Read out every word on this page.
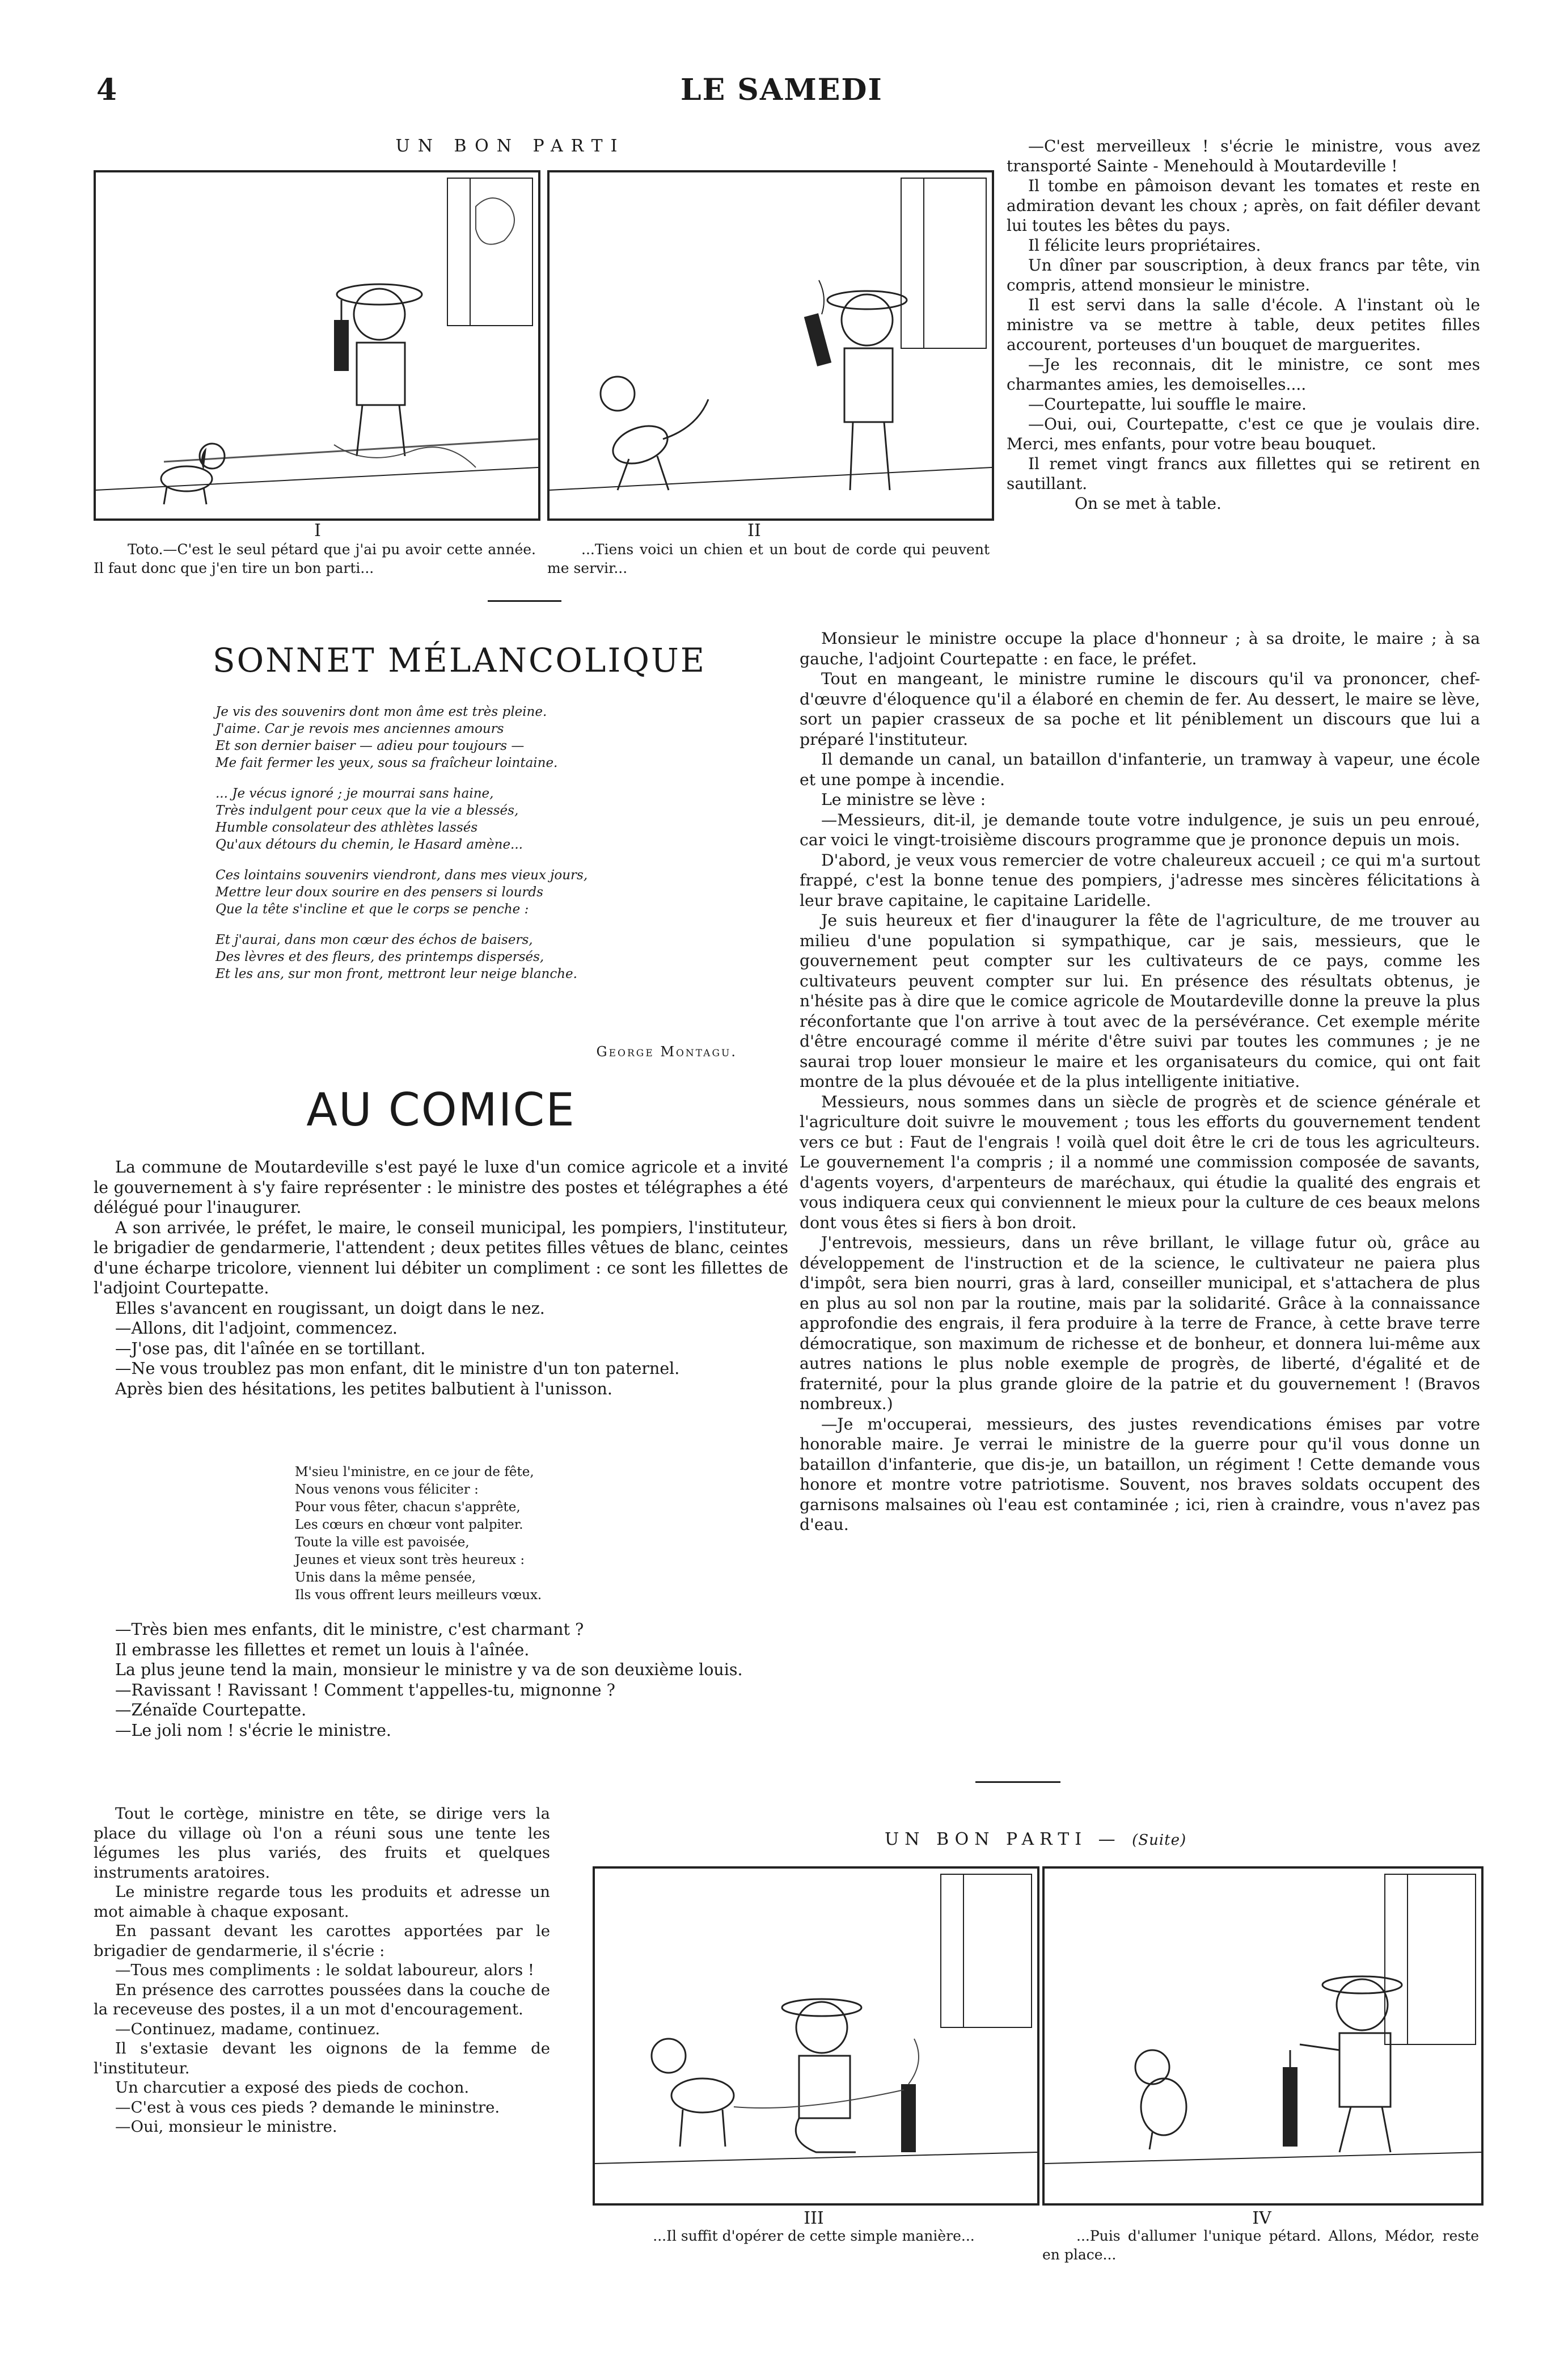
4	LE SAMEDI
UN BON PARTI
I	II
Toto.—C'est le seul pétard que j'ai pu avoir cette année. Il faut donc que j'en tire un bon parti...
...Tiens voici un chien et un bout de corde qui peuvent me servir...
SONNET MÉLANCOLIQUE
Je vis des souvenirs dont mon âme est très pleine.
J'aime. Car je revois mes anciennes amours
Et son dernier baiser — adieu pour toujours —
Me fait fermer les yeux, sous sa fraîcheur lointaine.
... Je vécus ignoré ; je mourrai sans haine,
Très indulgent pour ceux que la vie a blessés,
Humble consolateur des athlètes lassés
Qu'aux détours du chemin, le Hasard amène...
Ces lointains souvenirs viendront, dans mes vieux jours,
Mettre leur doux sourire en des pensers si lourds
Que la tête s'incline et que le corps se penche :
Et j'aurai, dans mon cœur des échos de baisers,
Des lèvres et des fleurs, des printemps dispersés,
Et les ans, sur mon front, mettront leur neige blanche.
George Montagu.
AU COMICE

La commune de Moutardeville s'est payé le luxe d'un comice agricole et a invité le gouvernement à s'y faire représenter : le ministre des postes et télégraphes a été délégué pour l'inaugurer.

A son arrivée, le préfet, le maire, le conseil municipal, les pompiers, l'instituteur, le brigadier de gendarmerie, l'attendent ; deux petites filles vêtues de blanc, ceintes d'une écharpe tricolore, viennent lui débiter un compliment : ce sont les fillettes de l'adjoint Courtepatte.

Elles s'avancent en rougissant, un doigt dans le nez.

—Allons, dit l'adjoint, commencez.

—J'ose pas, dit l'aînée en se tortillant.

—Ne vous troublez pas mon enfant, dit le ministre d'un ton paternel.

Après bien des hésitations, les petites balbutient à l'unisson.

M'sieu l'ministre, en ce jour de fête,
Nous venons vous féliciter :
Pour vous fêter, chacun s'apprête,
Les cœurs en chœur vont palpiter.
Toute la ville est pavoisée,
Jeunes et vieux sont très heureux :
Unis dans la même pensée,
Ils vous offrent leurs meilleurs vœux.

—Très bien mes enfants, dit le ministre, c'est charmant ?

Il embrasse les fillettes et remet un louis à l'aînée.

La plus jeune tend la main, monsieur le ministre y va de son deuxième louis.

—Ravissant ! Ravissant ! Comment t'appelles-tu, mignonne ?

—Zénaïde Courtepatte.

—Le joli nom ! s'écrie le ministre.

Tout le cortège, ministre en tête, se dirige vers la place du village où l'on a réuni sous une tente les légumes les plus variés, des fruits et quelques instruments aratoires.

Le ministre regarde tous les produits et adresse un mot aimable à chaque exposant.

En passant devant les carottes apportées par le brigadier de gendarmerie, il s'écrie :

—Tous mes compliments : le soldat laboureur, alors !

En présence des carrottes poussées dans la couche de la receveuse des postes, il a un mot d'encouragement.

—Continuez, madame, continuez.

Il s'extasie devant les oignons de la femme de l'instituteur.

Un charcutier a exposé des pieds de cochon.

—C'est à vous ces pieds ? demande le mininstre.

—Oui, monsieur le ministre.

—C'est merveilleux ! s'écrie le ministre, vous avez transporté Sainte - Menehould à Moutardeville !

Il tombe en pâmoison devant les tomates et reste en admiration devant les choux ; après, on fait défiler devant lui toutes les bêtes du pays.

Il félicite leurs propriétaires.

Un dîner par souscription, à deux francs par tête, vin compris, attend monsieur le ministre.

Il est servi dans la salle d'école. A l'instant où le ministre va se mettre à table, deux petites filles accourent, porteuses d'un bouquet de marguerites.

—Je les reconnais, dit le ministre, ce sont mes charmantes amies, les demoiselles....

—Courtepatte, lui souffle le maire.

—Oui, oui, Courtepatte, c'est ce que je voulais dire. Merci, mes enfants, pour votre beau bouquet.

Il remet vingt francs aux fillettes qui se retirent en sautillant.

On se met à table.

Monsieur le ministre occupe la place d'honneur ; à sa droite, le maire ; à sa gauche, l'adjoint Courtepatte : en face, le préfet.

Tout en mangeant, le ministre rumine le discours qu'il va prononcer, chef-d'œuvre d'éloquence qu'il a élaboré en chemin de fer. Au dessert, le maire se lève, sort un papier crasseux de sa poche et lit péniblement un discours que lui a préparé l'instituteur.

Il demande un canal, un bataillon d'infanterie, un tramway à vapeur, une école et une pompe à incendie.

Le ministre se lève :

—Messieurs, dit-il, je demande toute votre indulgence, je suis un peu enroué, car voici le vingt-troisième discours programme que je prononce depuis un mois.

D'abord, je veux vous remercier de votre chaleureux accueil ; ce qui m'a surtout frappé, c'est la bonne tenue des pompiers, j'adresse mes sincères félicitations à leur brave capitaine, le capitaine Laridelle.

Je suis heureux et fier d'inaugurer la fête de l'agriculture, de me trouver au milieu d'une population si sympathique, car je sais, messieurs, que le gouvernement peut compter sur les cultivateurs de ce pays, comme les cultivateurs peuvent compter sur lui. En présence des résultats obtenus, je n'hésite pas à dire que le comice agricole de Moutardeville donne la preuve la plus réconfortante que l'on arrive à tout avec de la persévérance. Cet exemple mérite d'être encouragé comme il mérite d'être suivi par toutes les communes ; je ne saurai trop louer monsieur le maire et les organisateurs du comice, qui ont fait montre de la plus dévouée et de la plus intelligente initiative.

Messieurs, nous sommes dans un siècle de progrès et de science générale et l'agriculture doit suivre le mouvement ; tous les efforts du gouvernement tendent vers ce but : Faut de l'engrais ! voilà quel doit être le cri de tous les agriculteurs. Le gouvernement l'a compris ; il a nommé une commission composée de savants, d'agents voyers, d'arpenteurs de maréchaux, qui étudie la qualité des engrais et vous indiquera ceux qui conviennent le mieux pour la culture de ces beaux melons dont vous êtes si fiers à bon droit.

J'entrevois, messieurs, dans un rêve brillant, le village futur où, grâce au développement de l'instruction et de la science, le cultivateur ne paiera plus d'impôt, sera bien nourri, gras à lard, conseiller municipal, et s'attachera de plus en plus au sol non par la routine, mais par la solidarité. Grâce à la connaissance approfondie des engrais, il fera produire à la terre de France, à cette brave terre démocratique, son maximum de richesse et de bonheur, et donnera lui-même aux autres nations le plus noble exemple de progrès, de liberté, d'égalité et de fraternité, pour la plus grande gloire de la patrie et du gouvernement ! (Bravos nombreux.)

—Je m'occuperai, messieurs, des justes revendications émises par votre honorable maire. Je verrai le ministre de la guerre pour qu'il vous donne un bataillon d'infanterie, que dis-je, un bataillon, un régiment ! Cette demande vous honore et montre votre patriotisme. Souvent, nos braves soldats occupent des garnisons malsaines où l'eau est contaminée ; ici, rien à craindre, vous n'avez pas d'eau.

UN BON PARTI — (Suite)
III	IV
...Il suffit d'opérer de cette simple manière...	...Puis d'allumer l'unique pétard. Allons, Médor, reste en place...
